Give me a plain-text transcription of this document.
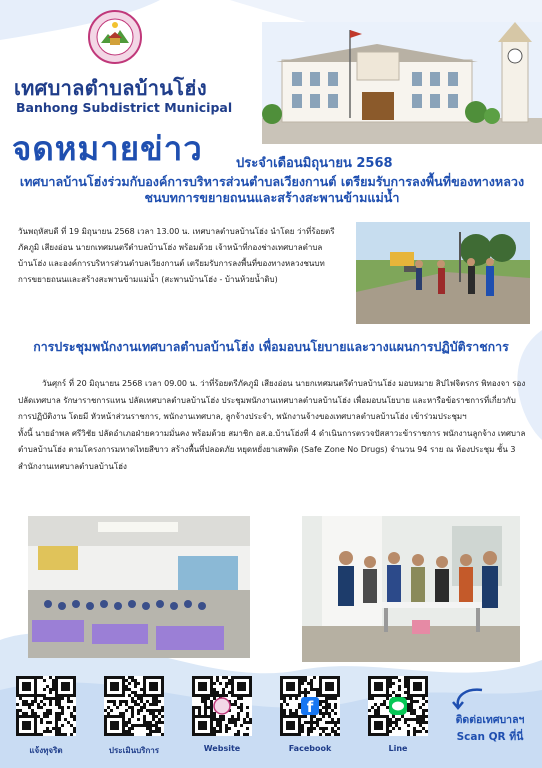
เทศบาลตำบลบ้านโฮ่ง
Banhong Subdistrict Municipal
จดหมายข่าว	ประจำเดือนมิถุนายน 2568
เทศบาลบ้านโฮ่งร่วมกับองค์การบริหารส่วนตำบลเวียงกานต์ เตรียมรับการลงพื้นที่ของทางหลวงชนบทการขยายถนนและสร้างสะพานข้ามแม่น้ำ
วันพฤหัสบดี ที่ 19 มิถุนายน 2568 เวลา 13.00 น. เทศบาลตำบลบ้านโฮ่ง นำโดย ว่าที่ร้อยตรีภัคภูมิ เสียงอ่อน นายกเทศมนตรีตำบลบ้านโฮ่ง พร้อมด้วย เจ้าหน้าที่กองช่างเทศบาลตำบลบ้านโฮ่ง และองค์การบริหารส่วนตำบลเวียงกานต์ เตรียมรับการลงพื้นที่ของทางหลวงชนบทการขยายถนนและสร้างสะพานข้ามแม่น้ำ (สะพานบ้านโฮ่ง - บ้านห้วยน้ำดิบ)
การประชุมพนักงานเทศบาลตำบลบ้านโฮ่ง เพื่อมอบนโยบายและวางแผนการปฏิบัติราชการ
วันศุกร์ ที่ 20 มิถุนายน 2568 เวลา 09.00 น. ว่าที่ร้อยตรีภัคภูมิ เสียงอ่อน นายกเทศมนตรีตำบลบ้านโฮ่ง มอบหมาย สิปไฟจิตรกร พิทองจา รองปลัดเทศบาล รักษาราชการแทน ปลัดเทศบาลตำบลบ้านโฮ่ง ประชุมพนักงานเทศบาลตำบลบ้านโฮ่ง เพื่อมอบนโยบาย และหารือข้อราชการที่เกี่ยวกับการปฏิบัติงาน โดยมี หัวหน้าส่วนราชการ, พนักงานเทศบาล, ลูกจ้างประจำ, พนักงานจ้างของเทศบาลตำบลบ้านโฮ่ง เข้าร่วมประชุมฯ
ทั้งนี้ นายอำพล ศรีวิชัย ปลัดอำเภอฝ่ายความมั่นคง พร้อมด้วย สมาชิก อส.อ.บ้านโฮ่งที่ 4 ดำเนินการตรวจปัสสาวะข้าราชการ พนักงานลูกจ้าง เทศบาลตำบลบ้านโฮ่ง ตามโครงการมหาดไทยสีขาว สร้างพื้นที่ปลอดภัย หยุดหยั่งยาเสพติด (Safe Zone No Drugs) จำนวน 94 ราย ณ ห้องประชุม ชั้น 3 สำนักงานเทศบาลตำบลบ้านโฮ่ง
แจ้งทุจริต	ประเมินบริการ	Website
f
Facebook	Line
ติดต่อเทศบาลฯ
Scan QR ที่นี่
